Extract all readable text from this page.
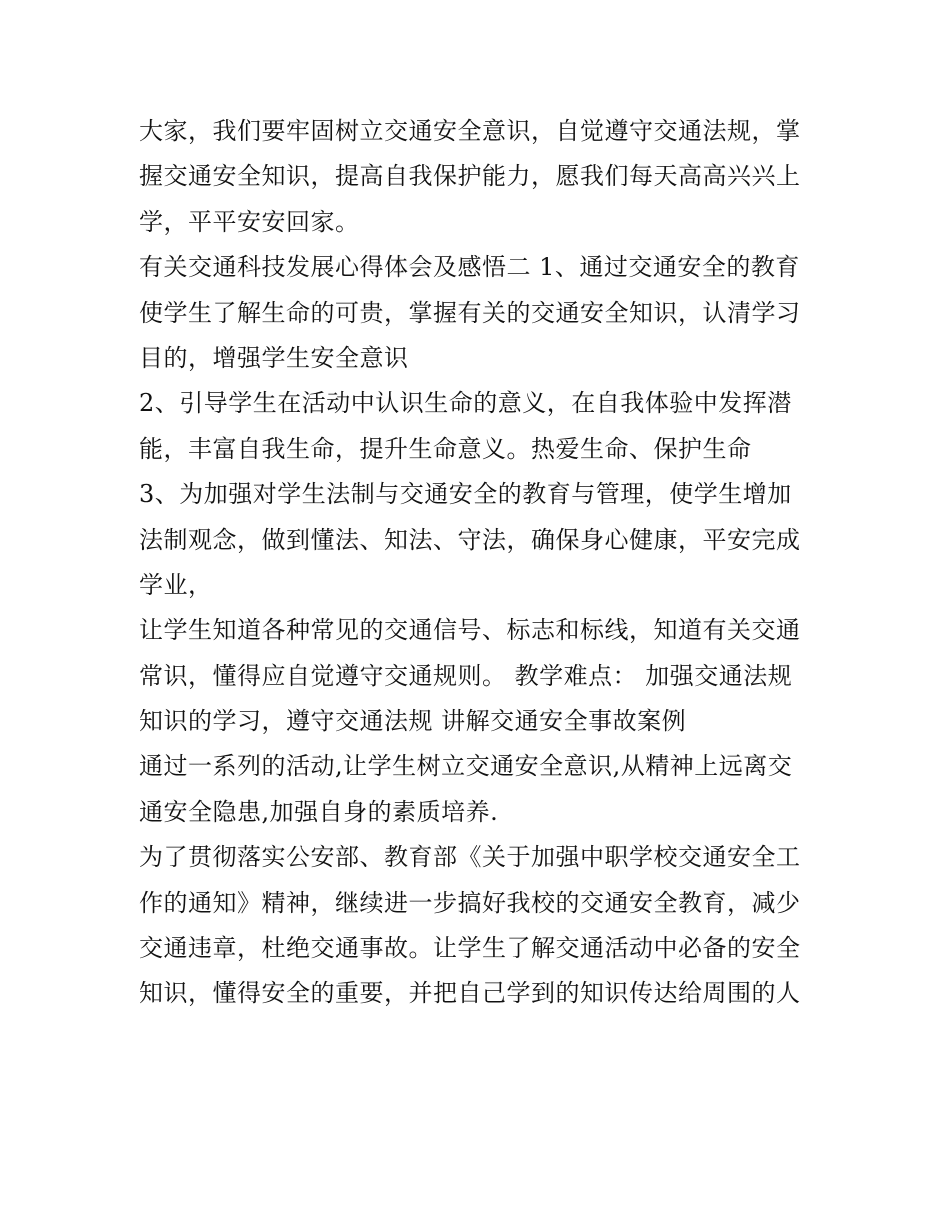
大家，我们要牢固树立交通安全意识，自觉遵守交通法规，掌
握交通安全知识，提高自我保护能力，愿我们每天高高兴兴上
学，平平安安回家。
有关交通科技发展心得体会及感悟二 1、通过交通安全的教育
使学生了解生命的可贵，掌握有关的交通安全知识，认清学习
目的，增强学生安全意识
2、引导学生在活动中认识生命的意义，在自我体验中发挥潜
能，丰富自我生命，提升生命意义。热爱生命、保护生命
3、为加强对学生法制与交通安全的教育与管理，使学生增加
法制观念，做到懂法、知法、守法，确保身心健康，平安完成
学业，
让学生知道各种常见的交通信号、标志和标线，知道有关交通
常识，懂得应自觉遵守交通规则。 教学难点： 加强交通法规
知识的学习，遵守交通法规 讲解交通安全事故案例
通过一系列的活动,让学生树立交通安全意识,从精神上远离交
通安全隐患,加强自身的素质培养.
为了贯彻落实公安部、教育部《关于加强中职学校交通安全工
作的通知》精神，继续进一步搞好我校的交通安全教育，减少
交通违章，杜绝交通事故。让学生了解交通活动中必备的安全
知识，懂得安全的重要，并把自己学到的知识传达给周围的人
